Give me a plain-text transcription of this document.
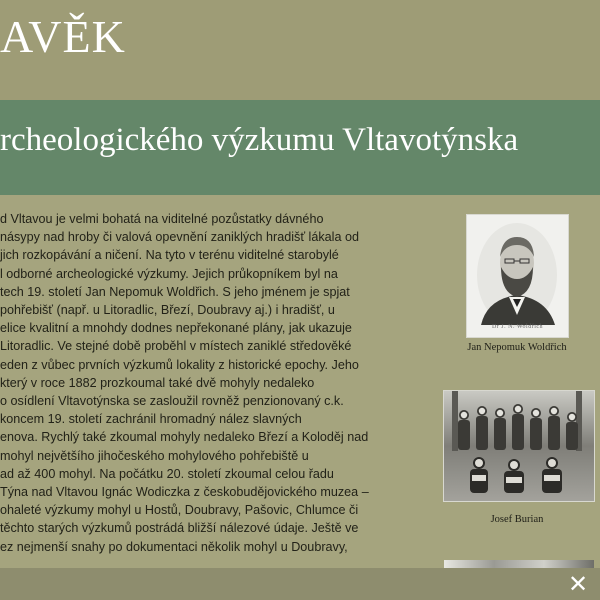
AVĚK
rcheologického výzkumu Vltavotýnska
d Vltavou je velmi bohatá na viditelné pozůstatky dávného
násypy nad hroby či valová opevnění zaniklých hradišť lákala od
jich rozkopávání a ničení. Na tyto v terénu viditelné starobylé
l odborné archeologické výzkumy. Jejich průkopníkem byl na
tech 19. století Jan Nepomuk Woldřich. S jeho jménem je spjat
pohřebišť (např. u Litoradlic, Březí, Doubravy aj.) i hradišť, u
elice kvalitní a mnohdy dodnes nepřekonané plány, jak ukazuje
Litoradlic. Ve stejné době proběhl v místech zaniklé středověké
eden z vůbec prvních výzkumů lokality z historické epochy. Jeho
který v roce 1882 prozkoumal také dvě mohyly nedaleko
o osídlení Vltavotýnska se zasloužil rovněž penzionovaný c.k.
koncem 19. století zachránil hromadný nález slavných
enova. Rychlý také zkoumal mohyly nedaleko Březí a Koloděj nad
mohyl největšího jihočeského mohylového pohřebiště u
ad až 400 mohyl. Na počátku 20. století zkoumal celou řadu
Týna nad Vltavou Ignác Wodiczka z českobudějovického muzea –
ohaleté výzkumy mohyl u Hostů, Doubravy, Pašovic, Chlumce či
těchto starých výzkumů postrádá bližší nálezové údaje. Ještě ve
ez nejmenší snahy po dokumentaci několik mohyl u Doubravy,
Dr J. N. Woldřich
Jan Nepomuk Woldřich
Josef Burian
✕
